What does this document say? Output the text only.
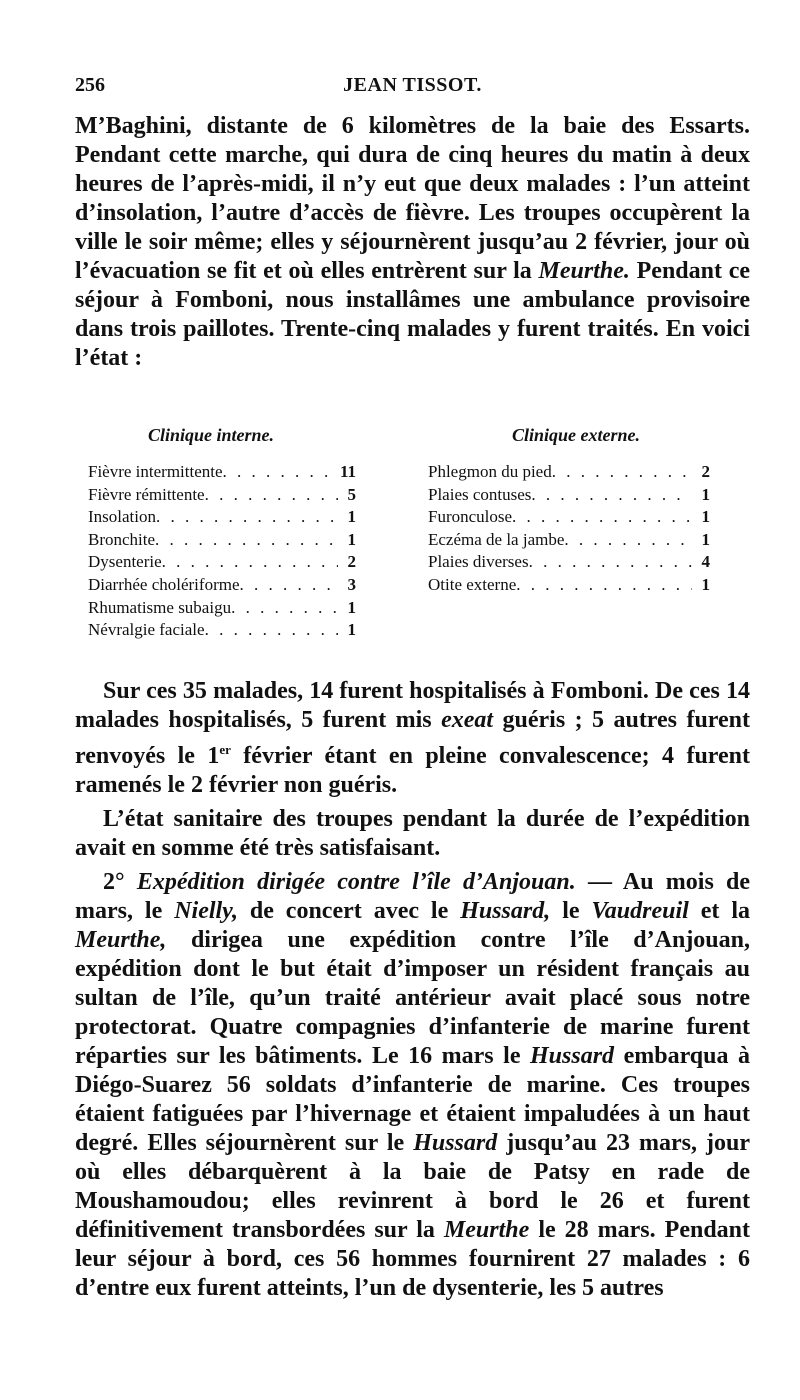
256	JEAN TISSOT.

M’Baghini, distante de 6 kilomètres de la baie des Essarts. Pendant cette marche, qui dura de cinq heures du matin à deux heures de l’après-midi, il n’y eut que deux malades : l’un atteint d’insolation, l’autre d’accès de fièvre. Les troupes occupèrent la ville le soir même; elles y séjournèrent jusqu’au 2 février, jour où l’évacuation se fit et où elles entrèrent sur la Meurthe. Pendant ce séjour à Fomboni, nous installâmes une ambulance provisoire dans trois paillotes. Trente-cinq malades y furent traités. En voici l’état :

Clinique interne.	Clinique externe.
Fièvre intermittente . . .	11
Fièvre rémittente . . .	5
Insolation . . .	1
Bronchite . . .	1
Dysenterie . . .	2
Diarrhée cholériforme . . .	3
Rhumatisme subaigu . . .	1
Névralgie faciale . . .	1
Phlegmon du pied . . .	2
Plaies contuses . . .	1
Furonculose . . .	1
Eczéma de la jambe . . .	1
Plaies diverses . . .	4
Otite externe . . .	1

Sur ces 35 malades, 14 furent hospitalisés à Fomboni. De ces 14 malades hospitalisés, 5 furent mis exeat guéris ; 5 autres furent renvoyés le 1er février étant en pleine convalescence; 4 furent ramenés le 2 février non guéris.

L’état sanitaire des troupes pendant la durée de l’expédition avait en somme été très satisfaisant.

2° Expédition dirigée contre l’île d’Anjouan. — Au mois de mars, le Nielly, de concert avec le Hussard, le Vaudreuil et la Meurthe, dirigea une expédition contre l’île d’Anjouan, expédition dont le but était d’imposer un résident français au sultan de l’île, qu’un traité antérieur avait placé sous notre protectorat. Quatre compagnies d’infanterie de marine furent réparties sur les bâtiments. Le 16 mars le Hussard embarqua à Diégo-Suarez 56 soldats d’infanterie de marine. Ces troupes étaient fatiguées par l’hivernage et étaient impaludées à un haut degré. Elles séjournèrent sur le Hussard jusqu’au 23 mars, jour où elles débarquèrent à la baie de Patsy en rade de Moushamoudou; elles revinrent à bord le 26 et furent définitivement transbordées sur la Meurthe le 28 mars. Pendant leur séjour à bord, ces 56 hommes fournirent 27 malades : 6 d’entre eux furent atteints, l’un de dysenterie, les 5 autres
